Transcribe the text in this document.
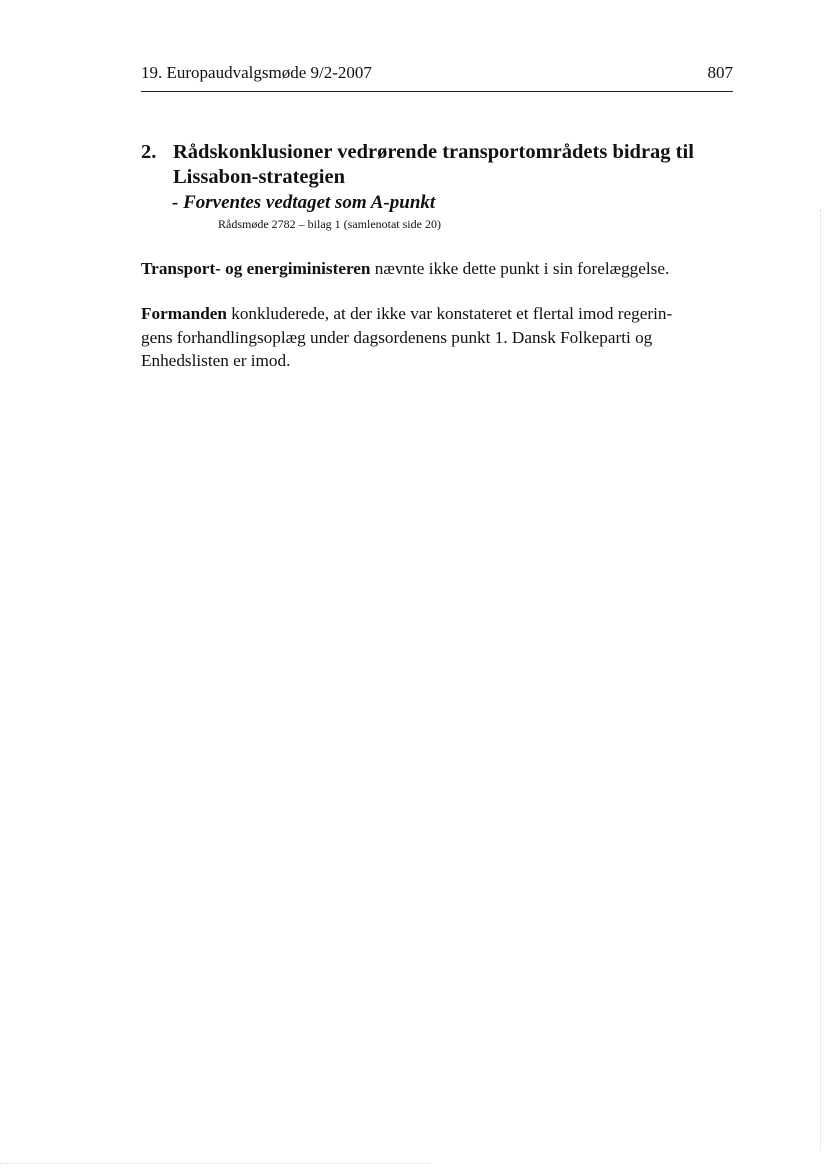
19. Europaudvalgsmøde 9/2-2007	807
2. Rådskonklusioner vedrørende transportområdets bidrag til
Lissabon-strategien
- Forventes vedtaget som A-punkt
Rådsmøde 2782 – bilag 1 (samlenotat side 20)
Transport- og energiministeren nævnte ikke dette punkt i sin forelæggelse.
Formanden konkluderede, at der ikke var konstateret et flertal imod regerin-
gens forhandlingsoplæg under dagsordenens punkt 1. Dansk Folkeparti og
Enhedslisten er imod.
